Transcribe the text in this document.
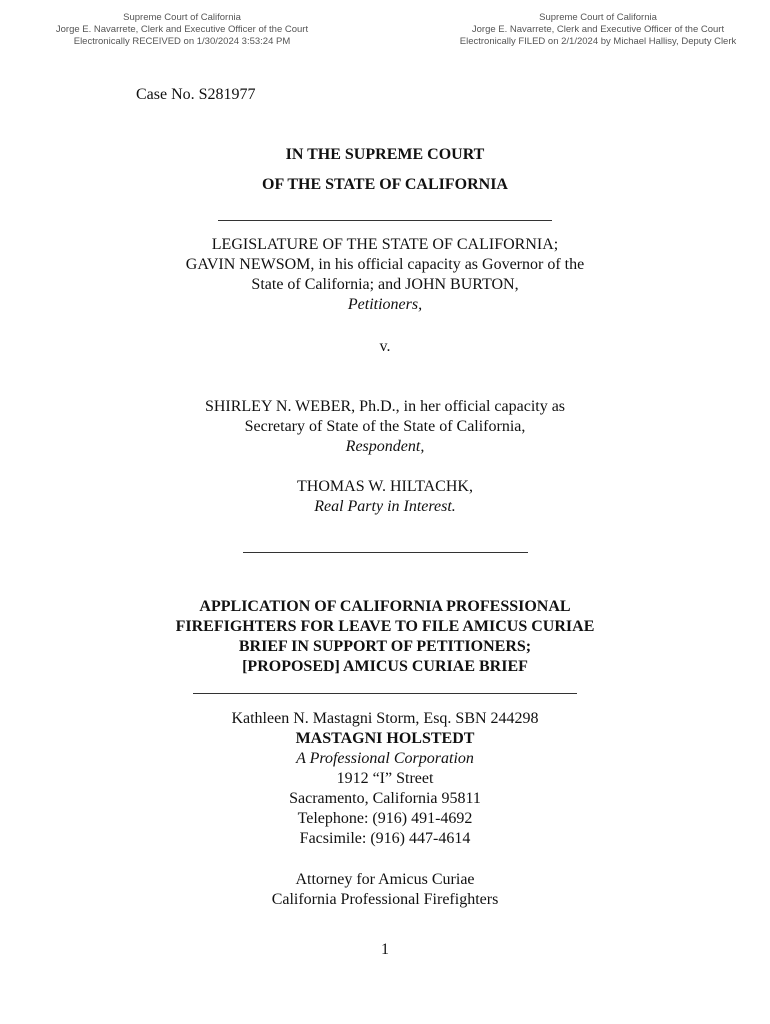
Supreme Court of California
Jorge E. Navarrete, Clerk and Executive Officer of the Court
Electronically RECEIVED on 1/30/2024 3:53:24 PM
Supreme Court of California
Jorge E. Navarrete, Clerk and Executive Officer of the Court
Electronically FILED on 2/1/2024 by Michael Hallisy, Deputy Clerk
Case No. S281977
IN THE SUPREME COURT
OF THE STATE OF CALIFORNIA
LEGISLATURE OF THE STATE OF CALIFORNIA;
GAVIN NEWSOM, in his official capacity as Governor of the
State of California; and JOHN BURTON,
Petitioners,
v.
SHIRLEY N. WEBER, Ph.D., in her official capacity as
Secretary of State of the State of California,
Respondent,
THOMAS W. HILTACHK,
Real Party in Interest.
APPLICATION OF CALIFORNIA PROFESSIONAL
FIREFIGHTERS FOR LEAVE TO FILE AMICUS CURIAE
BRIEF IN SUPPORT OF PETITIONERS;
[PROPOSED] AMICUS CURIAE BRIEF
Kathleen N. Mastagni Storm, Esq. SBN 244298
MASTAGNI HOLSTEDT
A Professional Corporation
1912 “I” Street
Sacramento, California 95811
Telephone: (916) 491-4692
Facsimile: (916) 447-4614
Attorney for Amicus Curiae
California Professional Firefighters
1
